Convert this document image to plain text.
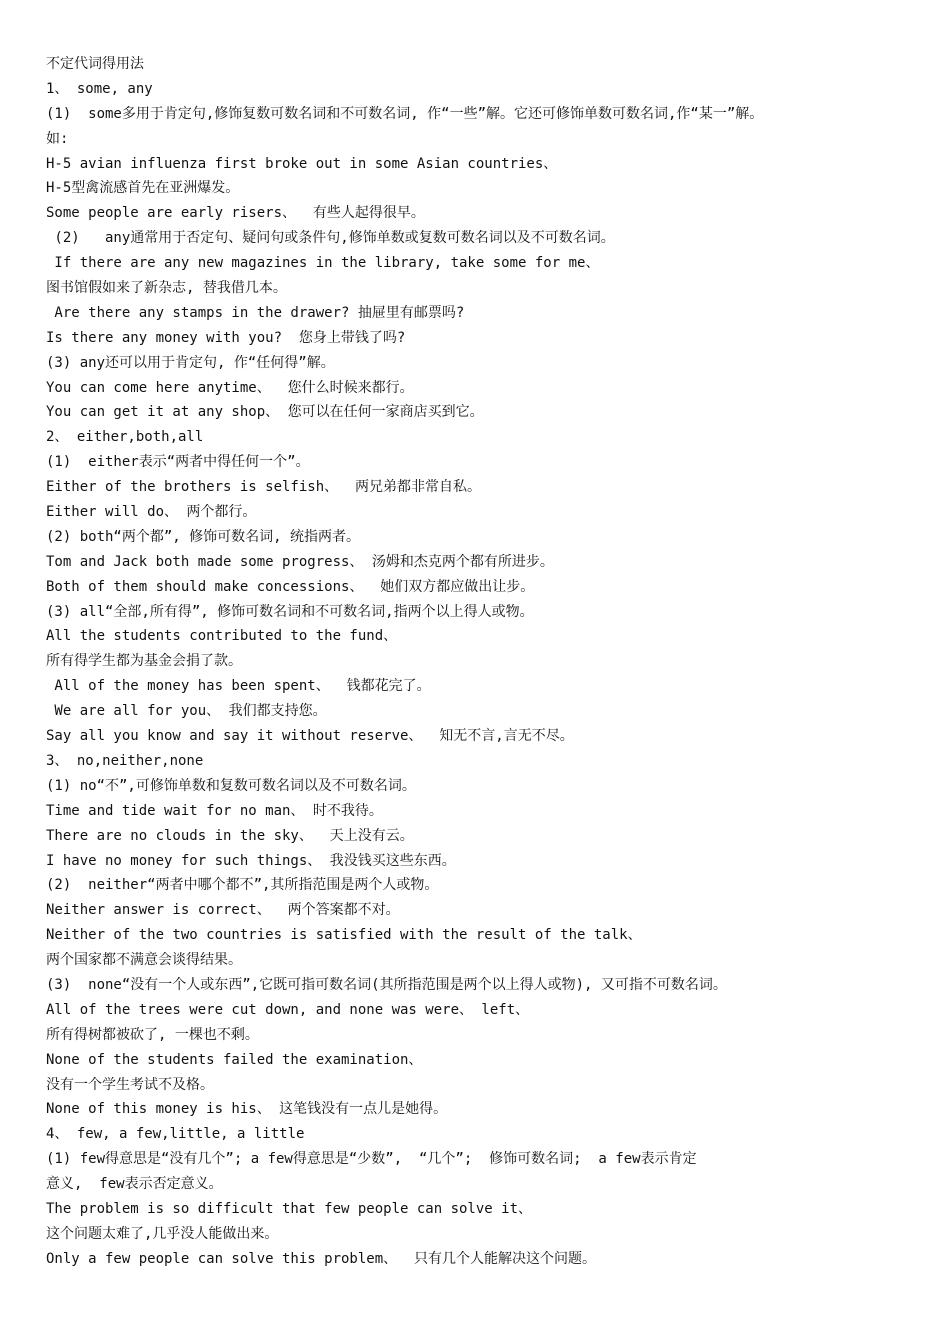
不定代词得用法
1、 some, any
(1)  some多用于肯定句,修饰复数可数名词和不可数名词, 作“一些”解。它还可修饰单数可数名词,作“某一”解。
如:
H-5 avian influenza first broke out in some Asian countries、
H-5型禽流感首先在亚洲爆发。
Some people are early risers、  有些人起得很早。
(2)   any通常用于否定句、疑问句或条件句,修饰单数或复数可数名词以及不可数名词。
If there are any new magazines in the library, take some for me、
图书馆假如来了新杂志, 替我借几本。
Are there any stamps in the drawer? 抽屉里有邮票吗?
Is there any money with you?  您身上带钱了吗?
(3) any还可以用于肯定句, 作“任何得”解。
You can come here anytime、  您什么时候来都行。
You can get it at any shop、 您可以在任何一家商店买到它。
2、 either,both,all
(1)  either表示“两者中得任何一个”。
Either of the brothers is selfish、  两兄弟都非常自私。
Either will do、 两个都行。
(2) both“两个都”, 修饰可数名词, 统指两者。
Tom and Jack both made some progress、 汤姆和杰克两个都有所进步。
Both of them should make concessions、  她们双方都应做出让步。
(3) all“全部,所有得”, 修饰可数名词和不可数名词,指两个以上得人或物。
All the students contributed to the fund、
所有得学生都为基金会捐了款。
All of the money has been spent、  钱都花完了。
We are all for you、 我们都支持您。
Say all you know and say it without reserve、  知无不言,言无不尽。
3、 no,neither,none
(1) no“不”,可修饰单数和复数可数名词以及不可数名词。
Time and tide wait for no man、 时不我待。
There are no clouds in the sky、  天上没有云。
I have no money for such things、 我没钱买这些东西。
(2)  neither“两者中哪个都不”,其所指范围是两个人或物。
Neither answer is correct、  两个答案都不对。
Neither of the two countries is satisfied with the result of the talk、
两个国家都不满意会谈得结果。
(3)  none“没有一个人或东西”,它既可指可数名词(其所指范围是两个以上得人或物), 又可指不可数名词。
All of the trees were cut down, and none was were、 left、
所有得树都被砍了, 一棵也不剩。
None of the students failed the examination、
没有一个学生考试不及格。
None of this money is his、 这笔钱没有一点儿是她得。
4、 few, a few,little, a little
(1) few得意思是“没有几个”; a few得意思是“少数”,  “几个”;  修饰可数名词;  a few表示肯定
意义,  few表示否定意义。
The problem is so difficult that few people can solve it、
这个问题太难了,几乎没人能做出来。
Only a few people can solve this problem、  只有几个人能解决这个问题。
